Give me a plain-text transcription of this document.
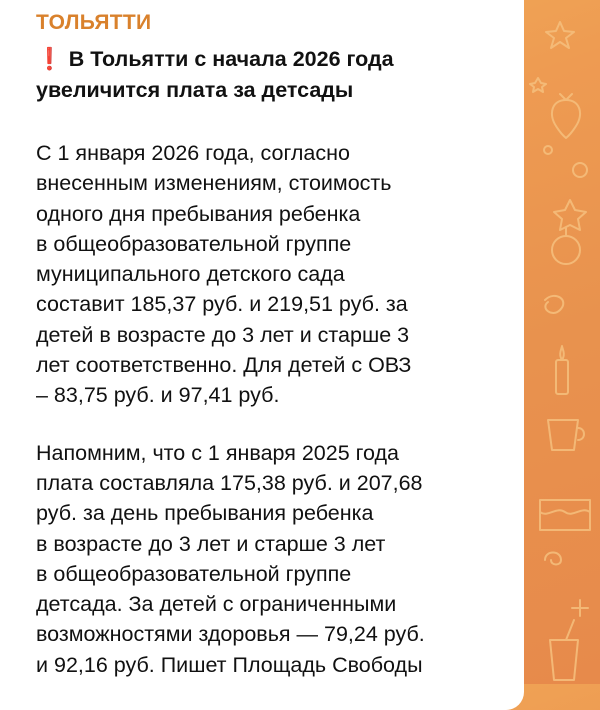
ТОЛЬЯТТИ
❗ В Тольятти с начала 2026 года
увеличится плата за детсады
С 1 января 2026 года, согласно
внесенным изменениям, стоимость
одного дня пребывания ребенка
в общеобразовательной группе
муниципального детского сада
составит 185,37 руб. и 219,51 руб. за
детей в возрасте до 3 лет и старше 3
лет соответственно. Для детей с ОВЗ
– 83,75 руб. и 97,41 руб.
Напомним, что с 1 января 2025 года
плата составляла 175,38 руб. и 207,68
руб. за день пребывания ребенка
в возрасте до 3 лет и старше 3 лет
в общеобразовательной группе
детсада. За детей с ограниченными
возможностями здоровья — 79,24 руб.
и 92,16 руб. Пишет Площадь Свободы
